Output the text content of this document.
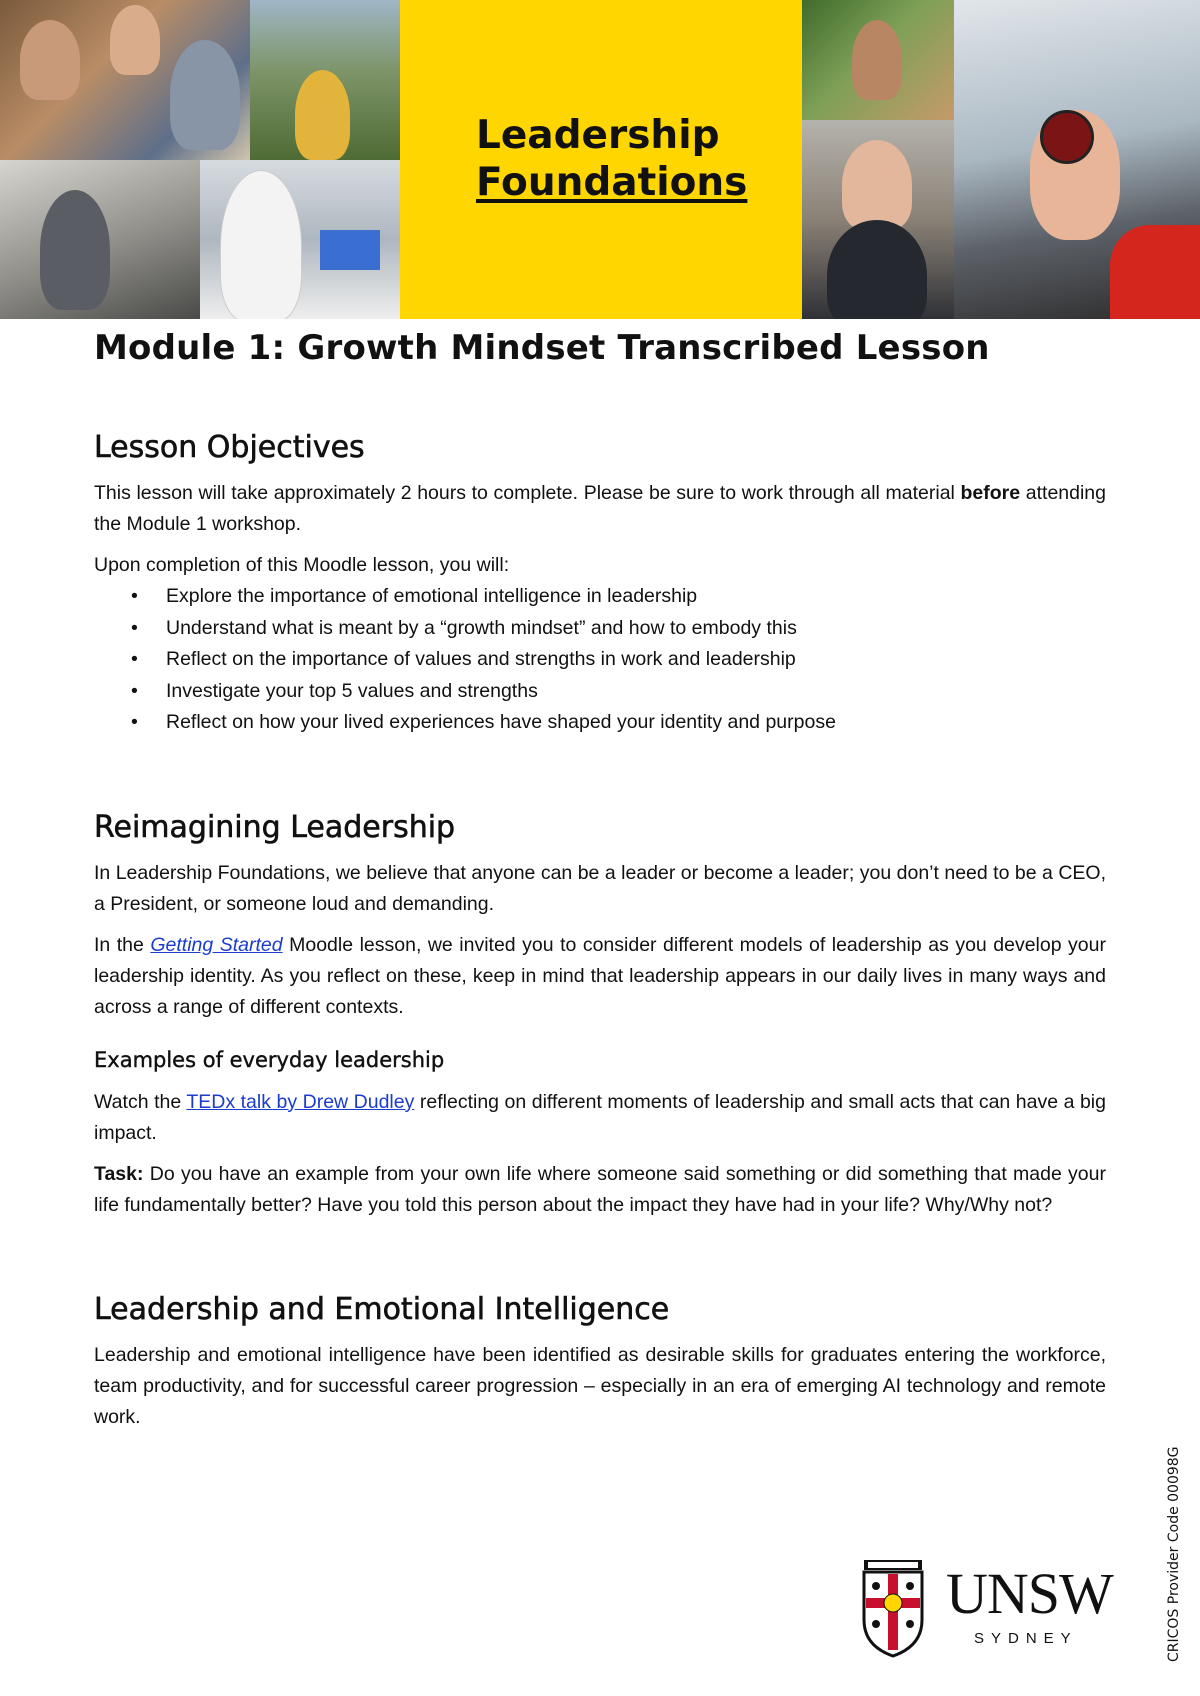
Leadership
Foundations
Module 1: Growth Mindset Transcribed Lesson
Lesson Objectives

This lesson will take approximately 2 hours to complete. Please be sure to work through all material before attending the Module 1 workshop.

Upon completion of this Moodle lesson, you will:

• Explore the importance of emotional intelligence in leadership
• Understand what is meant by a “growth mindset” and how to embody this
• Reflect on the importance of values and strengths in work and leadership
• Investigate your top 5 values and strengths
• Reflect on how your lived experiences have shaped your identity and purpose
Reimagining Leadership

In Leadership Foundations, we believe that anyone can be a leader or become a leader; you don’t need to be a CEO, a President, or someone loud and demanding.

In the Getting Started Moodle lesson, we invited you to consider different models of leadership as you develop your leadership identity. As you reflect on these, keep in mind that leadership appears in our daily lives in many ways and across a range of different contexts.

Examples of everyday leadership

Watch the TEDx talk by Drew Dudley reflecting on different moments of leadership and small acts that can have a big impact.

Task: Do you have an example from your own life where someone said something or did something that made your life fundamentally better? Have you told this person about the impact they have had in your life? Why/Why not?

Leadership and Emotional Intelligence

Leadership and emotional intelligence have been identified as desirable skills for graduates entering the workforce, team productivity, and for successful career progression – especially in an era of emerging AI technology and remote work.

UNSW
SYDNEY	CRICOS Provider Code 00098G
